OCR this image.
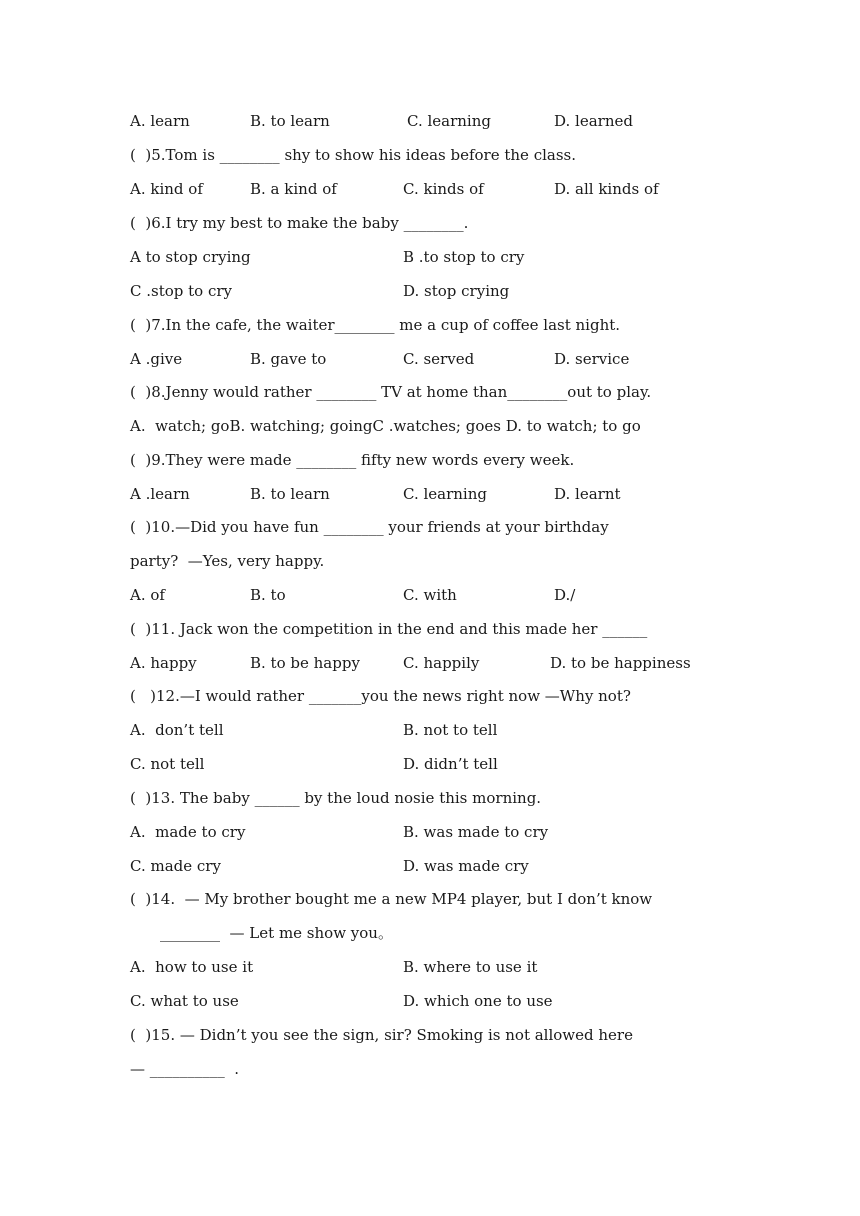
A. learn	B. to learn	C. learning	D. learned
(  )5.Tom is ________ shy to show his ideas before the class.
A. kind of	B. a kind of	C. kinds of	D. all kinds of
(  )6.I try my best to make the baby ________.
A to stop crying	B .to stop to cry
C .stop to cry	D. stop crying
(  )7.In the cafe, the waiter________ me a cup of coffee last night.
A .give	B. gave to	C. served	D. service
(  )8.Jenny would rather ________ TV at home than________out to play.
A.  watch; goB. watching; goingC .watches; goes D. to watch; to go
(  )9.They were made ________ fifty new words every week.
A .learn	B. to learn	C. learning	D. learnt
(  )10.—Did you have fun ________ your friends at your birthday
party?  —Yes, very happy.
A. of	B. to	C. with	D./
(  )11. Jack won the competition in the end and this made her ______
A. happy	B. to be happy	C. happily	D. to be happiness
(   )12.—I would rather _______you the news right now —Why not?
A.  don’t tell	B. not to tell
C. not tell	D. didn’t tell
(  )13. The baby ______ by the loud nosie this morning.
A.  made to cry	B. was made to cry
C. made cry	D. was made cry
(  )14.  — My brother bought me a new MP4 player, but I don’t know
________  — Let me show you。
A.  how to use it	B. where to use it
C. what to use	D. which one to use
(  )15. — Didn’t you see the sign, sir? Smoking is not allowed here
— __________  .
